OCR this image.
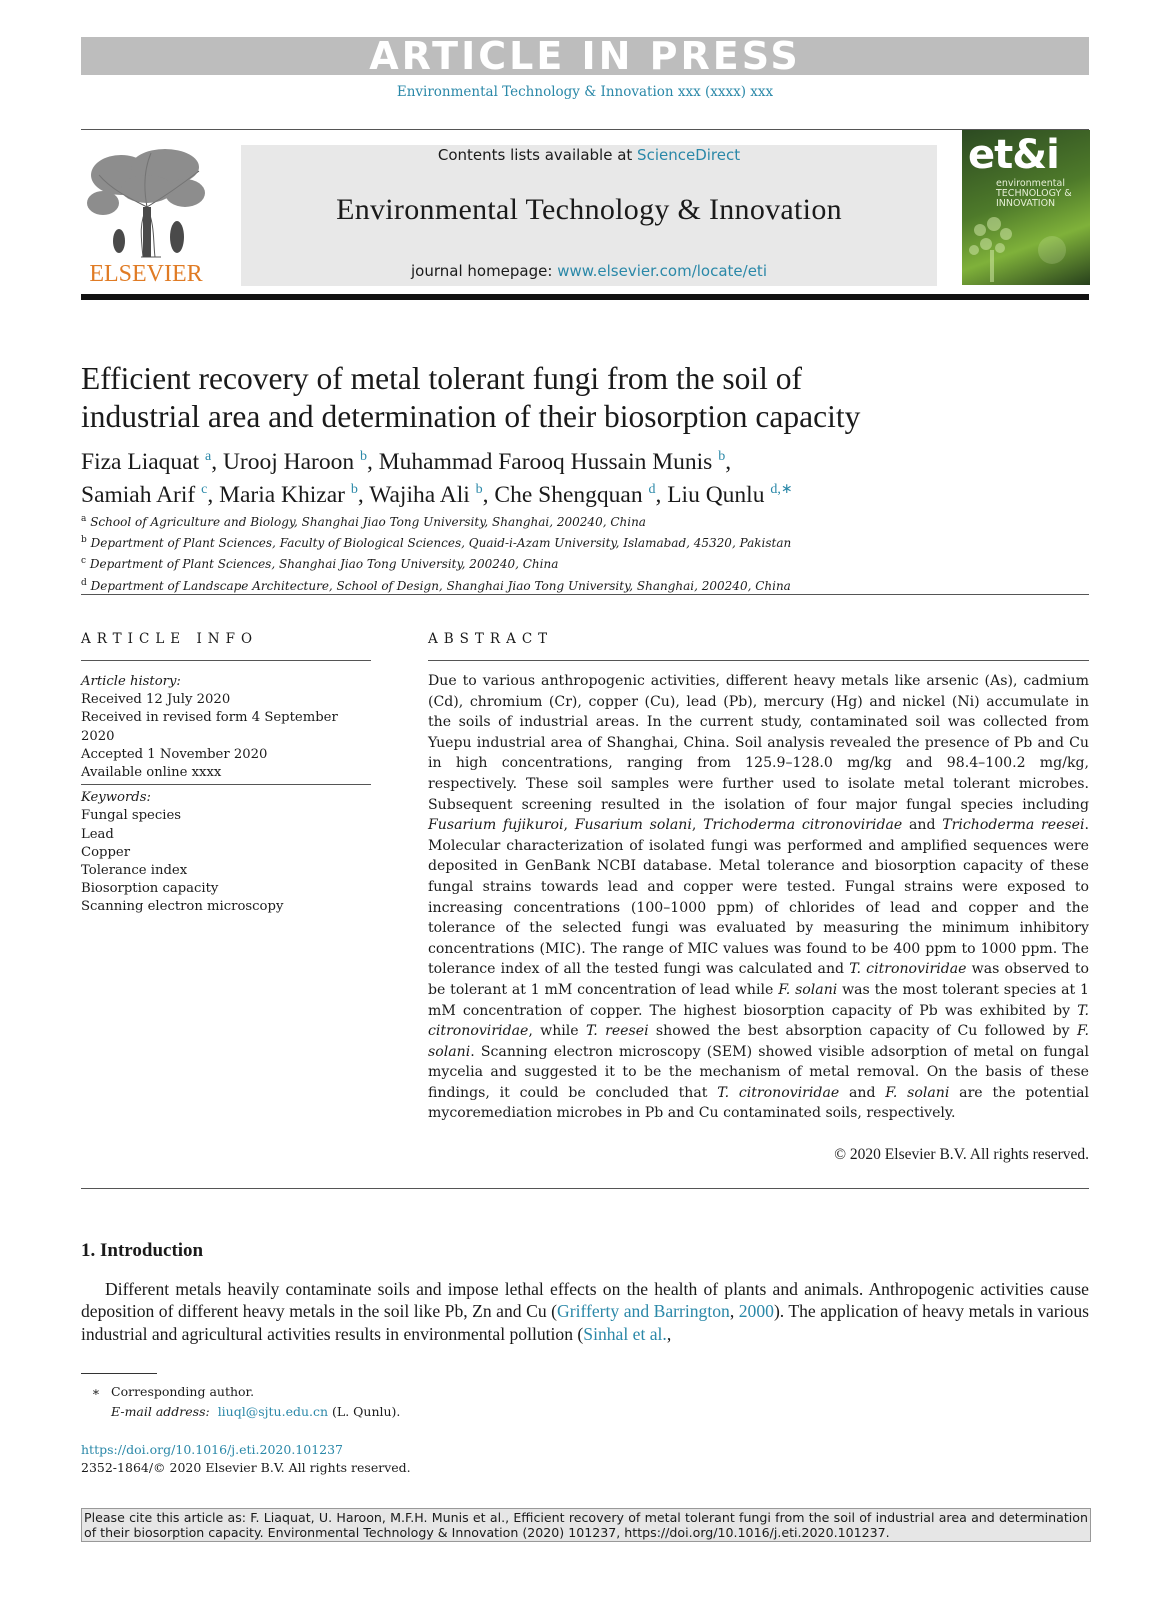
ARTICLE IN PRESS
Environmental Technology & Innovation xxx (xxxx) xxx
ELSEVIER
Contents lists available at ScienceDirect
Environmental Technology & Innovation
journal homepage: www.elsevier.com/locate/eti
et&i
environmental TECHNOLOGY & INNOVATION
Efficient recovery of metal tolerant fungi from the soil of
industrial area and determination of their biosorption capacity
Fiza Liaquat $^a$, Urooj Haroon $^b$, Muhammad Farooq Hussain Munis $^b$,
Samiah Arif $^c$, Maria Khizar $^b$, Wajiha Ali $^b$, Che Shengquan $^d$, Liu Qunlu $^{d,∗}$
$^a$ School of Agriculture and Biology, Shanghai Jiao Tong University, Shanghai, 200240, China
$^b$ Department of Plant Sciences, Faculty of Biological Sciences, Quaid-i-Azam University, Islamabad, 45320, Pakistan
$^c$ Department of Plant Sciences, Shanghai Jiao Tong University, 200240, China
$^d$ Department of Landscape Architecture, School of Design, Shanghai Jiao Tong University, Shanghai, 200240, China
ARTICLE INFO
Article history:
Received 12 July 2020
Received in revised form 4 September 2020
Accepted 1 November 2020
Available online xxxx
Keywords:
Fungal species
Lead
Copper
Tolerance index
Biosorption capacity
Scanning electron microscopy
ABSTRACT
Due to various anthropogenic activities, different heavy metals like arsenic (As), cadmium (Cd), chromium (Cr), copper (Cu), lead (Pb), mercury (Hg) and nickel (Ni) accumulate in the soils of industrial areas. In the current study, contaminated soil was collected from Yuepu industrial area of Shanghai, China. Soil analysis revealed the presence of Pb and Cu in high concentrations, ranging from 125.9–128.0 mg/kg and 98.4–100.2 mg/kg, respectively. These soil samples were further used to isolate metal tolerant microbes. Subsequent screening resulted in the isolation of four major fungal species including Fusarium fujikuroi, Fusarium solani, Trichoderma citronoviridae and Trichoderma reesei. Molecular characterization of isolated fungi was performed and amplified sequences were deposited in GenBank NCBI database. Metal tolerance and biosorption capacity of these fungal strains towards lead and copper were tested. Fungal strains were exposed to increasing concentrations (100–1000 ppm) of chlorides of lead and copper and the tolerance of the selected fungi was evaluated by measuring the minimum inhibitory concentrations (MIC). The range of MIC values was found to be 400 ppm to 1000 ppm. The tolerance index of all the tested fungi was calculated and T. citronoviridae was observed to be tolerant at 1 mM concentration of lead while F. solani was the most tolerant species at 1 mM concentration of copper. The highest biosorption capacity of Pb was exhibited by T. citronoviridae, while T. reesei showed the best absorption capacity of Cu followed by F. solani. Scanning electron microscopy (SEM) showed visible adsorption of metal on fungal mycelia and suggested it to be the mechanism of metal removal. On the basis of these findings, it could be concluded that T. citronoviridae and F. solani are the potential mycoremediation microbes in Pb and Cu contaminated soils, respectively.
© 2020 Elsevier B.V. All rights reserved.
1. Introduction
Different metals heavily contaminate soils and impose lethal effects on the health of plants and animals. Anthropogenic activities cause deposition of different heavy metals in the soil like Pb, Zn and Cu (Grifferty and Barrington, 2000). The application of heavy metals in various industrial and agricultural activities results in environmental pollution (Sinhal et al.,
∗ Corresponding author.
E-mail address: liuql@sjtu.edu.cn (L. Qunlu).
https://doi.org/10.1016/j.eti.2020.101237
2352-1864/© 2020 Elsevier B.V. All rights reserved.
Please cite this article as: F. Liaquat, U. Haroon, M.F.H. Munis et al., Efficient recovery of metal tolerant fungi from the soil of industrial area and determination of their biosorption capacity. Environmental Technology & Innovation (2020) 101237, https://doi.org/10.1016/j.eti.2020.101237.
